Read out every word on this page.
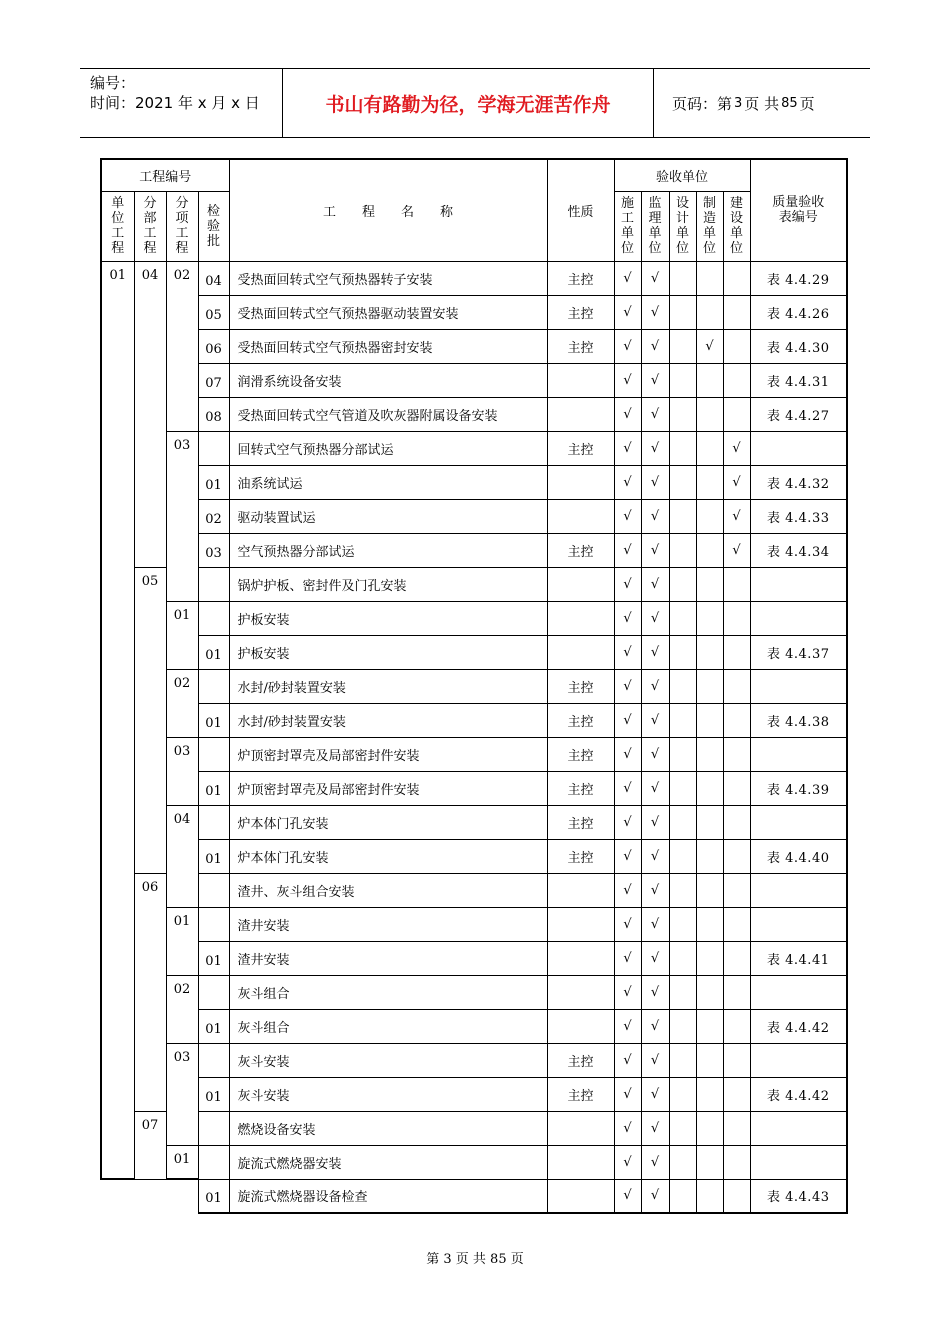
编号：
时间：2021 年 x 月 x 日	书山有路勤为径，学海无涯苦作舟	页码：第 3 页 共 85 页
工程编号				工　　程　　名　　称	性质	验收单位					质量验收表编号
单位工程	分部工程	分项工程	检验批			施工单位	监理单位	设计单位	制造单位	建设单位	
01	04	02	04	受热面回转式空气预热器转子安装	主控	√	√				表 4.4.29
			05	受热面回转式空气预热器驱动装置安装	主控	√	√				表 4.4.26
			06	受热面回转式空气预热器密封安装	主控	√	√		√		表 4.4.30
			07	润滑系统设备安装		√	√				表 4.4.31
			08	受热面回转式空气管道及吹灰器附属设备安装		√	√				表 4.4.27
		03		回转式空气预热器分部试运	主控	√	√			√	
			01	油系统试运		√	√			√	表 4.4.32
			02	驱动装置试运		√	√			√	表 4.4.33
			03	空气预热器分部试运	主控	√	√			√	表 4.4.34
	05			锅炉护板、密封件及门孔安装		√	√				
		01		护板安装		√	√				
			01	护板安装		√	√				表 4.4.37
		02		水封/砂封装置安装	主控	√	√				
			01	水封/砂封装置安装	主控	√	√				表 4.4.38
		03		炉顶密封罩壳及局部密封件安装	主控	√	√				
			01	炉顶密封罩壳及局部密封件安装	主控	√	√				表 4.4.39
		04		炉本体门孔安装	主控	√	√				
			01	炉本体门孔安装	主控	√	√				表 4.4.40
	06			渣井、灰斗组合安装		√	√				
		01		渣井安装		√	√				
			01	渣井安装		√	√				表 4.4.41
		02		灰斗组合		√	√				
			01	灰斗组合		√	√				表 4.4.42
		03		灰斗安装	主控	√	√				
			01	灰斗安装	主控	√	√				表 4.4.42
	07			燃烧设备安装		√	√				
		01		旋流式燃烧器安装		√	√				
			01	旋流式燃烧器设备检查		√	√				表 4.4.43
第 3 页 共 85 页
